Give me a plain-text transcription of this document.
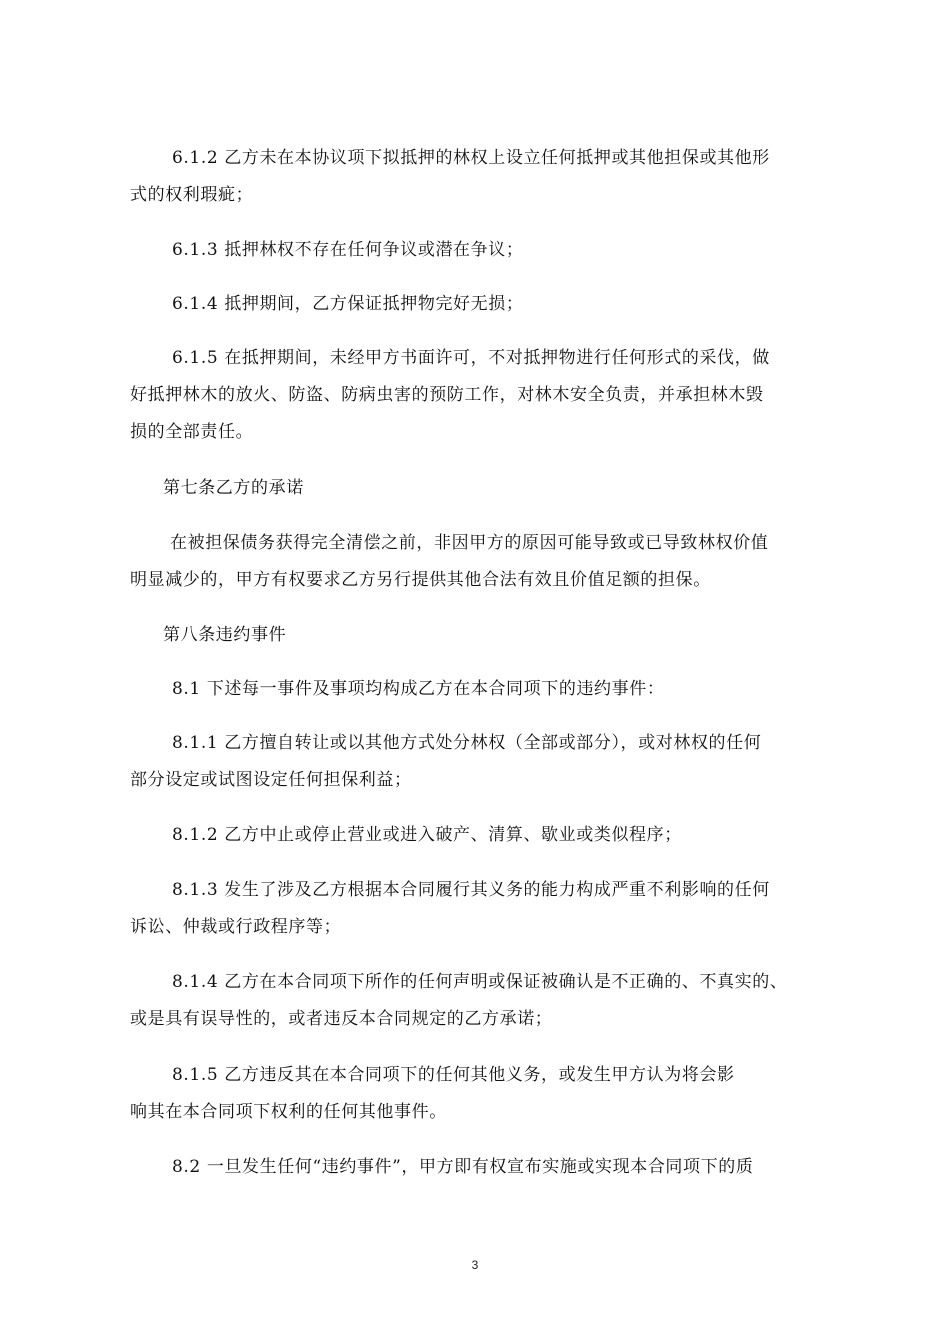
6.1.2 乙方未在本协议项下拟抵押的林权上设立任何抵押或其他担保或其他形
式的权利瑕疵；
6.1.3 抵押林权不存在任何争议或潜在争议；
6.1.4 抵押期间，乙方保证抵押物完好无损；
6.1.5 在抵押期间，未经甲方书面许可，不对抵押物进行任何形式的采伐，做
好抵押林木的放火、防盗、防病虫害的预防工作，对林木安全负责，并承担林木毁
损的全部责任。
第七条乙方的承诺
在被担保债务获得完全清偿之前，非因甲方的原因可能导致或已导致林权价值
明显减少的，甲方有权要求乙方另行提供其他合法有效且价值足额的担保。
第八条违约事件
8.1 下述每一事件及事项均构成乙方在本合同项下的违约事件：
8.1.1 乙方擅自转让或以其他方式处分林权（全部或部分），或对林权的任何
部分设定或试图设定任何担保利益；
8.1.2 乙方中止或停止营业或进入破产、清算、歇业或类似程序；
8.1.3 发生了涉及乙方根据本合同履行其义务的能力构成严重不利影响的任何
诉讼、仲裁或行政程序等；
8.1.4 乙方在本合同项下所作的任何声明或保证被确认是不正确的、不真实的、
或是具有误导性的，或者违反本合同规定的乙方承诺；
8.1.5 乙方违反其在本合同项下的任何其他义务，或发生甲方认为将会影
响其在本合同项下权利的任何其他事件。
8.2 一旦发生任何“违约事件”，甲方即有权宣布实施或实现本合同项下的质
3
